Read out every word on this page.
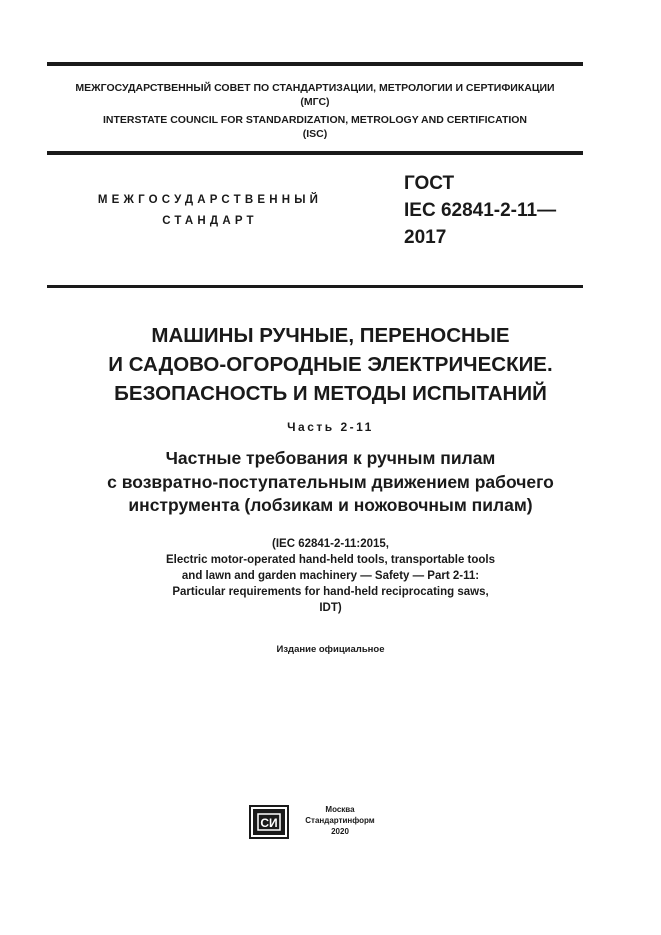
МЕЖГОСУДАРСТВЕННЫЙ СОВЕТ ПО СТАНДАРТИЗАЦИИ, МЕТРОЛОГИИ И СЕРТИФИКАЦИИ
(МГС)
INTERSTATE COUNCIL FOR STANDARDIZATION, METROLOGY AND CERTIFICATION
(ISC)
МЕЖГОСУДАРСТВЕННЫЙ
СТАНДАРТ
ГОСТ
IEC 62841-2-11—
2017
МАШИНЫ РУЧНЫЕ, ПЕРЕНОСНЫЕ
И САДОВО-ОГОРОДНЫЕ ЭЛЕКТРИЧЕСКИЕ.
БЕЗОПАСНОСТЬ И МЕТОДЫ ИСПЫТАНИЙ
Часть 2-11
Частные требования к ручным пилам
с возвратно-поступательным движением рабочего
инструмента (лобзикам и ножовочным пилам)
(IEC 62841-2-11:2015,
Electric motor-operated hand-held tools, transportable tools
and lawn and garden machinery — Safety — Part 2-11:
Particular requirements for hand-held reciprocating saws,
IDT)
Издание официальное
СИ
Москва
Стандартинформ
2020
